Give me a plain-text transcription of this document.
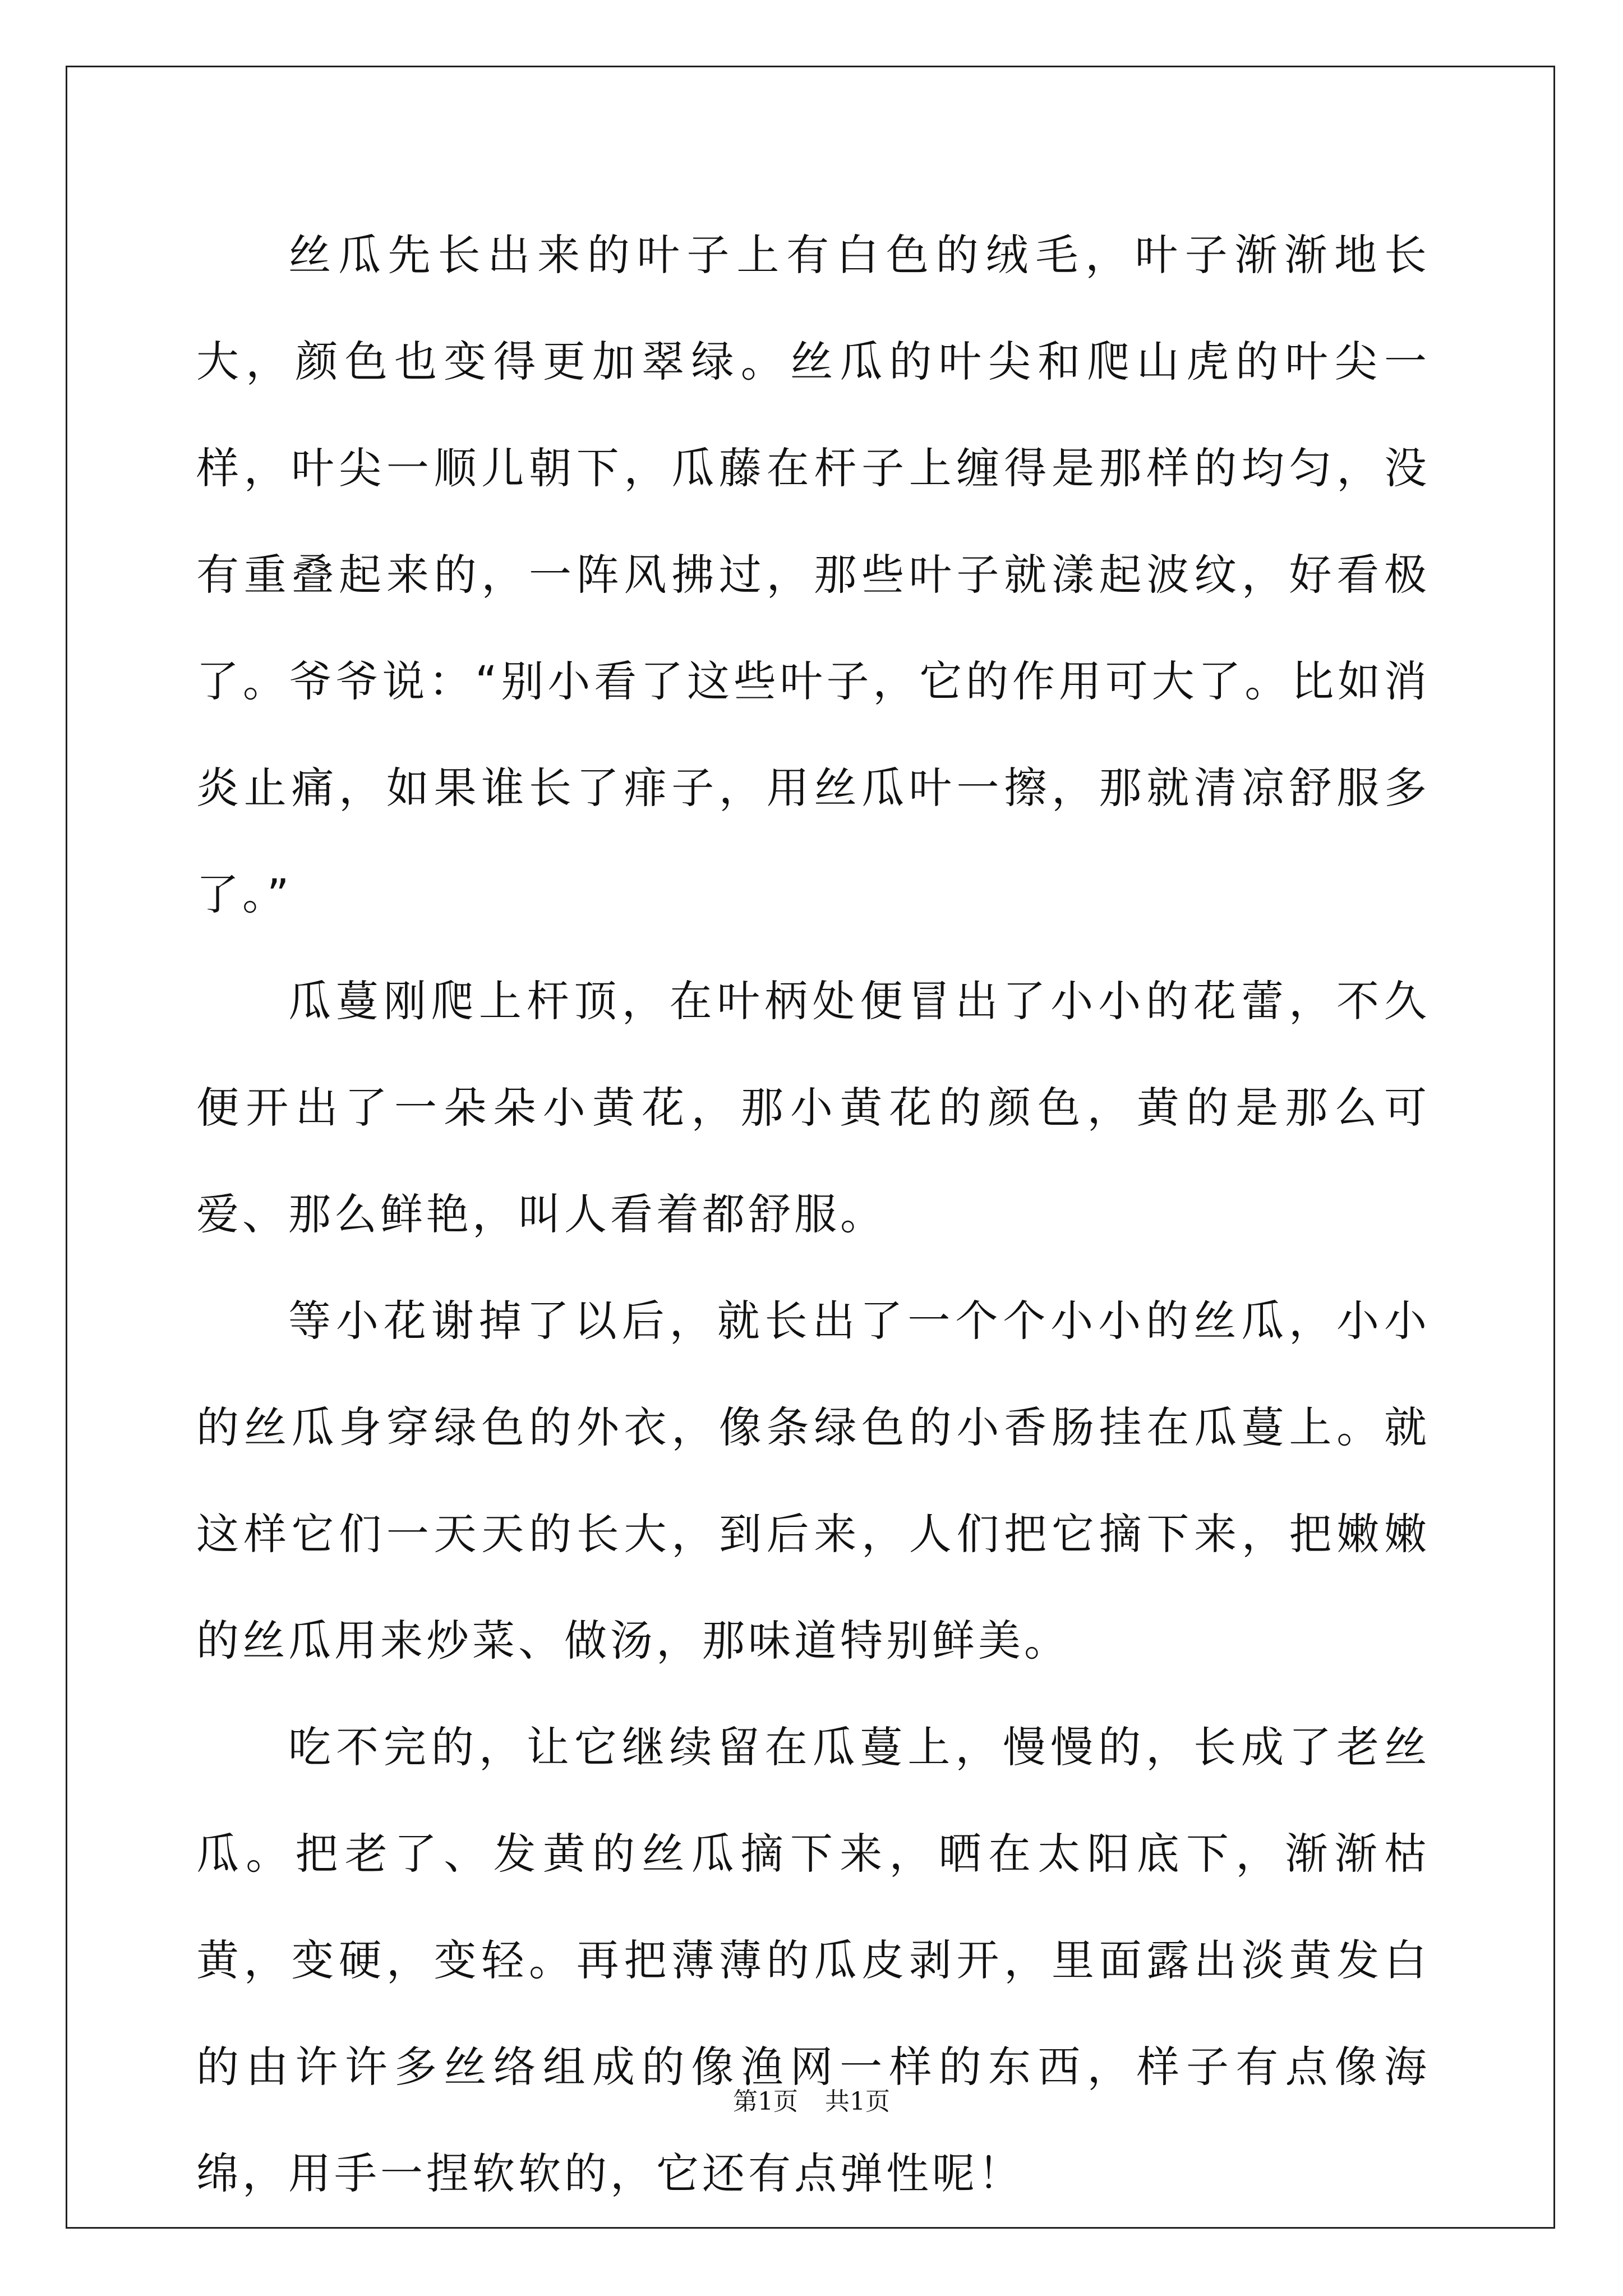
丝瓜先长出来的叶子上有白色的绒毛，叶子渐渐地长大，颜色也变得更加翠绿。丝瓜的叶尖和爬山虎的叶尖一样，叶尖一顺儿朝下，瓜藤在杆子上缠得是那样的均匀，没有重叠起来的，一阵风拂过，那些叶子就漾起波纹，好看极了。爷爷说：“别小看了这些叶子，它的作用可大了。比如消炎止痛，如果谁长了痱子，用丝瓜叶一擦，那就清凉舒服多了。”

瓜蔓刚爬上杆顶，在叶柄处便冒出了小小的花蕾，不久便开出了一朵朵小黄花，那小黄花的颜色，黄的是那么可爱、那么鲜艳，叫人看着都舒服。

等小花谢掉了以后，就长出了一个个小小的丝瓜，小小的丝瓜身穿绿色的外衣，像条绿色的小香肠挂在瓜蔓上。就这样它们一天天的长大，到后来，人们把它摘下来，把嫩嫩的丝瓜用来炒菜、做汤，那味道特别鲜美。

吃不完的，让它继续留在瓜蔓上，慢慢的，长成了老丝瓜。把老了、发黄的丝瓜摘下来，晒在太阳底下，渐渐枯黄，变硬，变轻。再把薄薄的瓜皮剥开，里面露出淡黄发白的由许许多丝络组成的像渔网一样的东西，样子有点像海绵，用手一捏软软的，它还有点弹性呢！

第1页 共1页
